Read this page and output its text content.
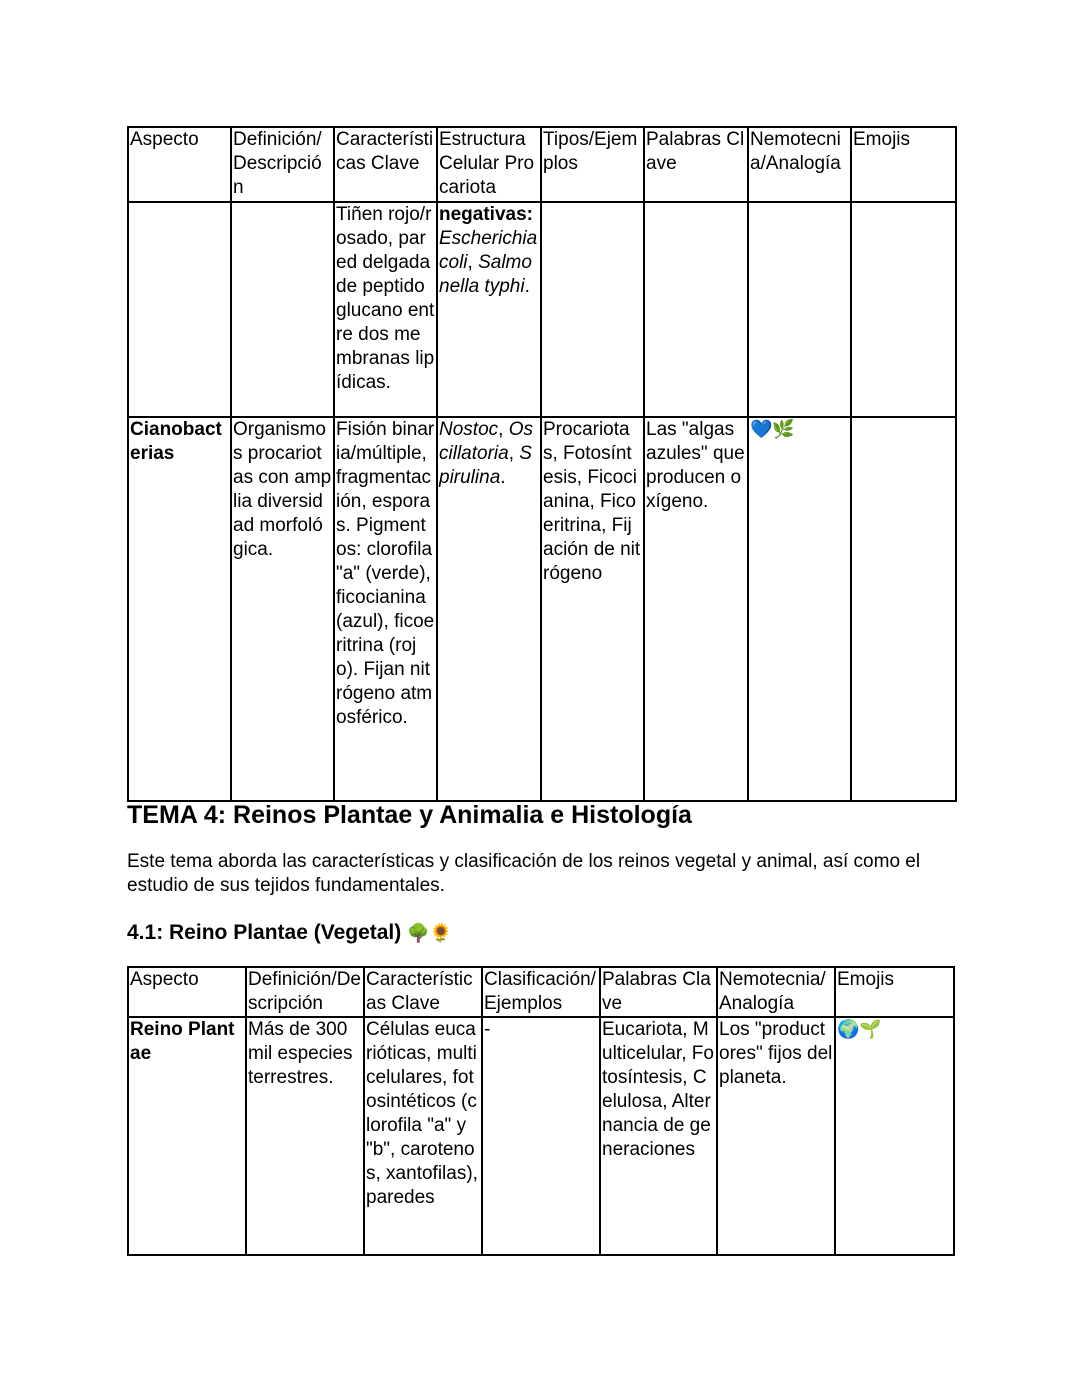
Aspecto	Definición/ Descripción	Características Clave	Estructura Celular Procariota	Tipos/Ejemplos	Palabras Clave	Nemotecnia/Analogía	Emojis
		Tiñen rojo/rosado, pared delgada de peptidoglucano entre dos membranas lipídicas.	negativas: Escherichia coli, Salmonella typhi.				
Cianobacterias	Organismos procariotas con amplia diversidad morfológica.	Fisión binaria/múltiple, fragmentación, esporas. Pigmentos: clorofila "a" (verde), ficocianina (azul), ficoeritrina (rojo). Fijan nitrógeno atmosférico.	Nostoc, Oscillatoria, Spirulina.	Procariotas, Fotosíntesis, Ficocianina, Ficoeritrina, Fijación de nitrógeno	Las "algas azules" que producen oxígeno.	💙🌿	
TEMA 4: Reinos Plantae y Animalia e Histología

Este tema aborda las características y clasificación de los reinos vegetal y animal, así como el estudio de sus tejidos fundamentales.

4.1: Reino Plantae (Vegetal) 🌳🌻
Aspecto	Definición/Descripción	Características Clave	Clasificación/Ejemplos	Palabras Clave	Nemotecnia/Analogía	Emojis
Reino Plantae	Más de 300 mil especies terrestres.	Células eucarióticas, multicelulares, fotosintéticos (clorofila "a" y "b", carotenos, xantofilas), paredes	-	Eucariota, Multicelular, Fotosíntesis, Celulosa, Alternancia de generaciones	Los "productores" fijos del planeta.	🌍🌱
